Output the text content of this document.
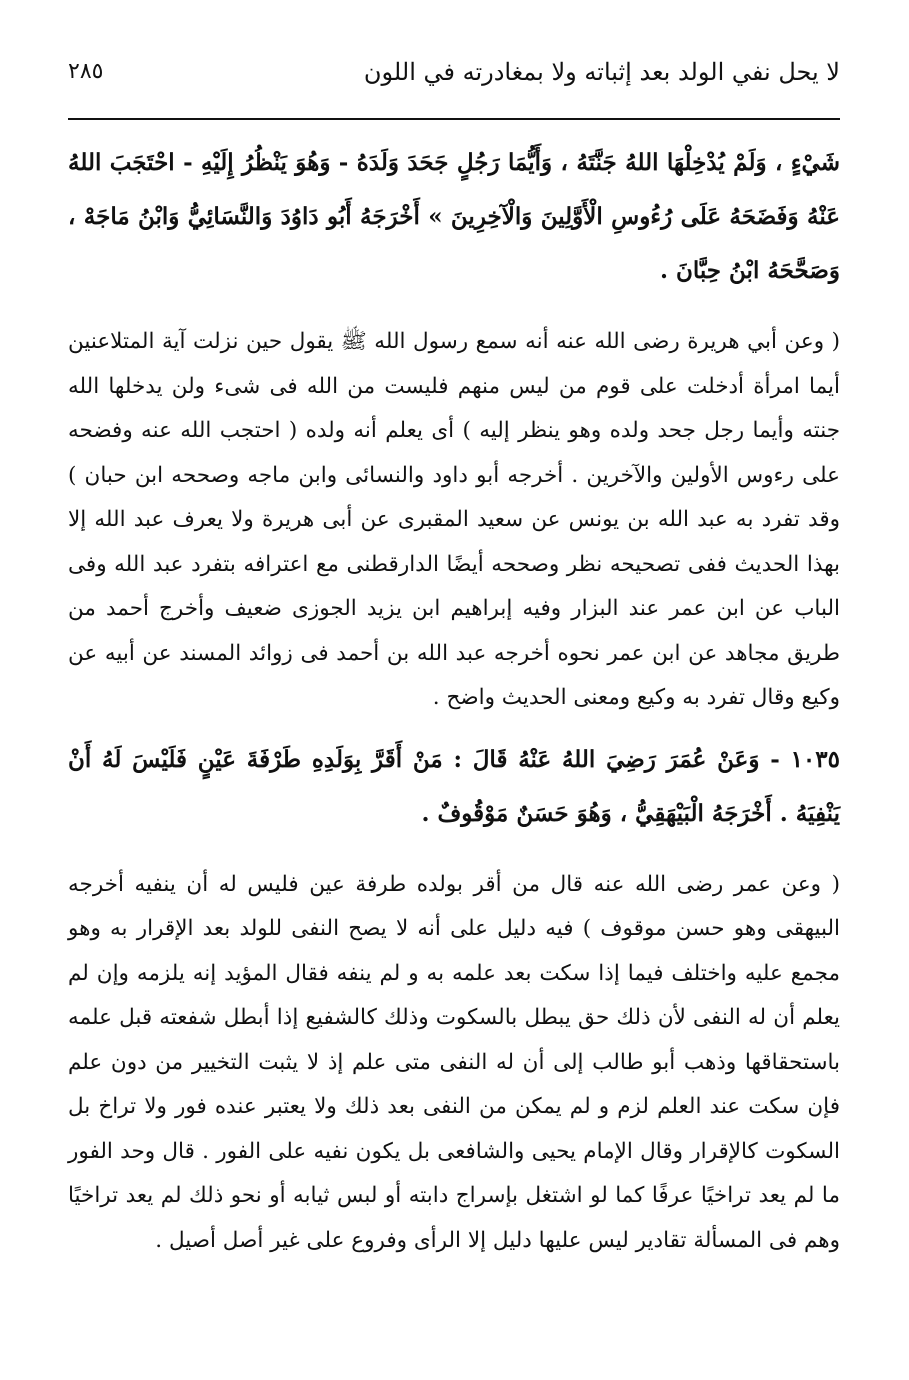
لا يحل نفي الولد بعد إثباته ولا بمغادرته في اللون
٢٨٥

شَيْءٍ ، وَلَمْ يُدْخِلْهَا اللهُ جَنَّتَهُ ، وَأَيُّمَا رَجُلٍ جَحَدَ وَلَدَهُ - وَهُوَ يَنْظُرُ إِلَيْهِ - احْتَجَبَ اللهُ عَنْهُ وَفَضَحَهُ عَلَى رُءُوسِ الْأَوَّلِينَ وَالْآخِرِينَ » أَخْرَجَهُ أَبُو دَاوُدَ وَالنَّسَائِيُّ وَابْنُ مَاجَهْ ، وَصَحَّحَهُ ابْنُ حِبَّانَ .

( وعن أبي هريرة رضى الله عنه أنه سمع رسول الله ﷺ يقول حين نزلت آية المتلاعنين أيما امرأة أدخلت على قوم من ليس منهم فليست من الله فى شىء ولن يدخلها الله جنته وأيما رجل جحد ولده وهو ينظر إليه ) أى يعلم أنه ولده ( احتجب الله عنه وفضحه على رءوس الأولين والآخرين . أخرجه أبو داود والنسائى وابن ماجه وصححه ابن حبان ) وقد تفرد به عبد الله بن يونس عن سعيد المقبرى عن أبى هريرة ولا يعرف عبد الله إلا بهذا الحديث ففى تصحيحه نظر وصححه أيضًا الدارقطنى مع اعترافه بتفرد عبد الله وفى الباب عن ابن عمر عند البزار وفيه إبراهيم ابن يزيد الجوزى ضعيف وأخرج أحمد من طريق مجاهد عن ابن عمر نحوه أخرجه عبد الله بن أحمد فى زوائد المسند عن أبيه عن وكيع وقال تفرد به وكيع ومعنى الحديث واضح .

١٠٣٥ - وَعَنْ عُمَرَ رَضِيَ اللهُ عَنْهُ قَالَ : مَنْ أَقَرَّ بِوَلَدِهِ طَرْفَةَ عَيْنٍ فَلَيْسَ لَهُ أَنْ يَنْفِيَهُ . أَخْرَجَهُ الْبَيْهَقِيُّ ، وَهُوَ حَسَنٌ مَوْقُوفٌ .

( وعن عمر رضى الله عنه قال من أقر بولده طرفة عين فليس له أن ينفيه أخرجه البيهقى وهو حسن موقوف ) فيه دليل على أنه لا يصح النفى للولد بعد الإقرار به وهو مجمع عليه واختلف فيما إذا سكت بعد علمه به و لم ينفه فقال المؤيد إنه يلزمه وإن لم يعلم أن له النفى لأن ذلك حق يبطل بالسكوت وذلك كالشفيع إذا أبطل شفعته قبل علمه باستحقاقها وذهب أبو طالب إلى أن له النفى متى علم إذ لا يثبت التخيير من دون علم فإن سكت عند العلم لزم و لم يمكن من النفى بعد ذلك ولا يعتبر عنده فور ولا تراخ بل السكوت كالإقرار وقال الإمام يحيى والشافعى بل يكون نفيه على الفور . قال وحد الفور ما لم يعد تراخيًا عرفًا كما لو اشتغل بإسراج دابته أو لبس ثيابه أو نحو ذلك لم يعد تراخيًا وهم فى المسألة تقادير ليس عليها دليل إلا الرأى وفروع على غير أصل أصيل .
